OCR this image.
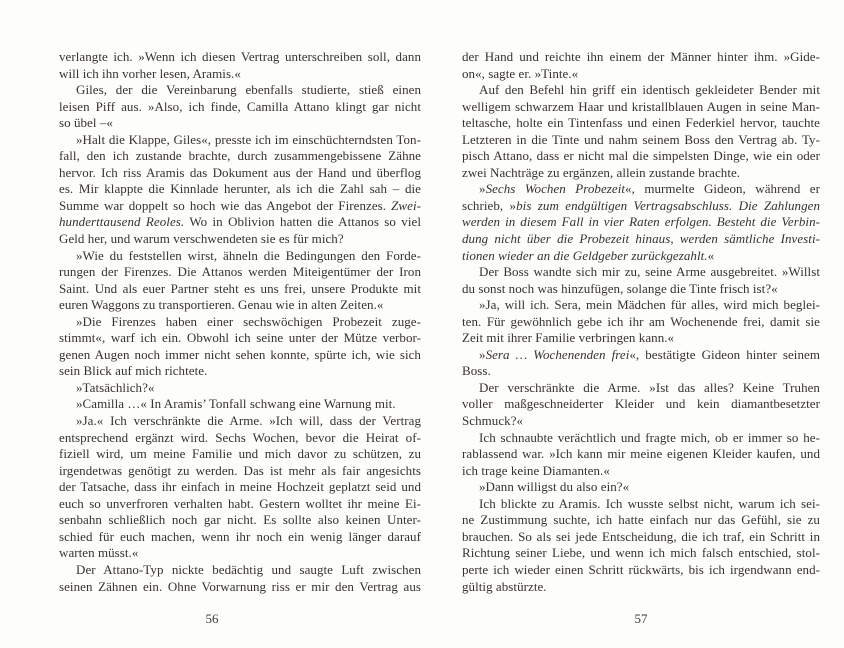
verlangte ich. »Wenn ich diesen Vertrag unterschreiben soll, dann
will ich ihn vorher lesen, Aramis.«
Giles, der die Vereinbarung ebenfalls studierte, stieß einen
leisen Piff aus. »Also, ich finde, Camilla Attano klingt gar nicht
so übel –«
»Halt die Klappe, Giles«, presste ich im einschüchterndsten Ton-
fall, den ich zustande brachte, durch zusammengebissene Zähne
hervor. Ich riss Aramis das Dokument aus der Hand und überflog
es. Mir klappte die Kinnlade herunter, als ich die Zahl sah – die
Summe war doppelt so hoch wie das Angebot der Firenzes. Zwei-
hunderttausend Reoles. Wo in Oblivion hatten die Attanos so viel
Geld her, und warum verschwendeten sie es für mich?
»Wie du feststellen wirst, ähneln die Bedingungen den Forde-
rungen der Firenzes. Die Attanos werden Miteigentümer der Iron
Saint. Und als euer Partner steht es uns frei, unsere Produkte mit
euren Waggons zu transportieren. Genau wie in alten Zeiten.«
»Die Firenzes haben einer sechswöchigen Probezeit zuge-
stimmt«, warf ich ein. Obwohl ich seine unter der Mütze verbor-
genen Augen noch immer nicht sehen konnte, spürte ich, wie sich
sein Blick auf mich richtete.
»Tatsächlich?«
»Camilla …« In Aramis’ Tonfall schwang eine Warnung mit.
»Ja.« Ich verschränkte die Arme. »Ich will, dass der Vertrag
entsprechend ergänzt wird. Sechs Wochen, bevor die Heirat of-
fiziell wird, um meine Familie und mich davor zu schützen, zu
irgendetwas genötigt zu werden. Das ist mehr als fair angesichts
der Tatsache, dass ihr einfach in meine Hochzeit geplatzt seid und
euch so unverfroren verhalten habt. Gestern wolltet ihr meine Ei-
senbahn schließlich noch gar nicht. Es sollte also keinen Unter-
schied für euch machen, wenn ihr noch ein wenig länger darauf
warten müsst.«
Der Attano-Typ nickte bedächtig und saugte Luft zwischen
seinen Zähnen ein. Ohne Vorwarnung riss er mir den Vertrag aus
56
der Hand und reichte ihn einem der Männer hinter ihm. »Gide-
on«, sagte er. »Tinte.«
Auf den Befehl hin griff ein identisch gekleideter Bender mit
welligem schwarzem Haar und kristallblauen Augen in seine Man-
teltasche, holte ein Tintenfass und einen Federkiel hervor, tauchte
Letzteren in die Tinte und nahm seinem Boss den Vertrag ab. Ty-
pisch Attano, dass er nicht mal die simpelsten Dinge, wie ein oder
zwei Nachträge zu ergänzen, allein zustande brachte.
»Sechs Wochen Probezeit«, murmelte Gideon, während er
schrieb, »bis zum endgültigen Vertragsabschluss. Die Zahlungen
werden in diesem Fall in vier Raten erfolgen. Besteht die Verbin-
dung nicht über die Probezeit hinaus, werden sämtliche Investi-
tionen wieder an die Geldgeber zurückgezahlt.«
Der Boss wandte sich mir zu, seine Arme ausgebreitet. »Willst
du sonst noch was hinzufügen, solange die Tinte frisch ist?«
»Ja, will ich. Sera, mein Mädchen für alles, wird mich beglei-
ten. Für gewöhnlich gebe ich ihr am Wochenende frei, damit sie
Zeit mit ihrer Familie verbringen kann.«
»Sera … Wochenenden frei«, bestätigte Gideon hinter seinem
Boss.
Der verschränkte die Arme. »Ist das alles? Keine Truhen
voller maßgeschneiderter Kleider und kein diamantbesetzter
Schmuck?«
Ich schnaubte verächtlich und fragte mich, ob er immer so he-
rablassend war. »Ich kann mir meine eigenen Kleider kaufen, und
ich trage keine Diamanten.«
»Dann willigst du also ein?«
Ich blickte zu Aramis. Ich wusste selbst nicht, warum ich sei-
ne Zustimmung suchte, ich hatte einfach nur das Gefühl, sie zu
brauchen. So als sei jede Entscheidung, die ich traf, ein Schritt in
Richtung seiner Liebe, und wenn ich mich falsch entschied, stol-
perte ich wieder einen Schritt rückwärts, bis ich irgendwann end-
gültig abstürzte.
57
